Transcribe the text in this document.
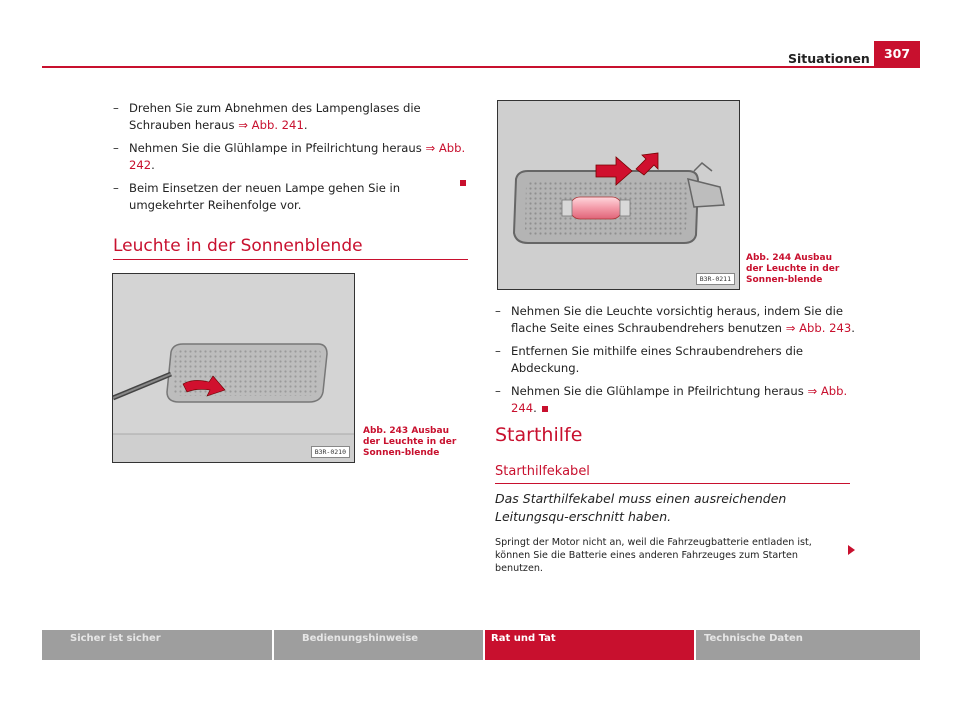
Situationen	307
– Drehen Sie zum Abnehmen des Lampenglases die Schrauben heraus ⇒ Abb. 241.
– Nehmen Sie die Glühlampe in Pfeilrichtung heraus ⇒ Abb. 242.
– Beim Einsetzen der neuen Lampe gehen Sie in umgekehrter Reihenfolge vor.
Leuchte in der Sonnenblende
B3R-0210
Abb. 243 Ausbau der Leuchte in der Sonnen-blende
B3R-0211
Abb. 244 Ausbau der Leuchte in der Sonnen-blende
– Nehmen Sie die Leuchte vorsichtig heraus, indem Sie die flache Seite eines Schraubendrehers benutzen ⇒ Abb. 243.
– Entfernen Sie mithilfe eines Schraubendrehers die Abdeckung.
– Nehmen Sie die Glühlampe in Pfeilrichtung heraus ⇒ Abb. 244.
Starthilfe
Starthilfekabel
Das Starthilfekabel muss einen ausreichenden Leitungsqu-erschnitt haben.
Springt der Motor nicht an, weil die Fahrzeugbatterie entladen ist, können Sie die Batterie eines anderen Fahrzeuges zum Starten benutzen.
Sicher ist sicher	Bedienungshinweise	Rat und Tat	Technische Daten
